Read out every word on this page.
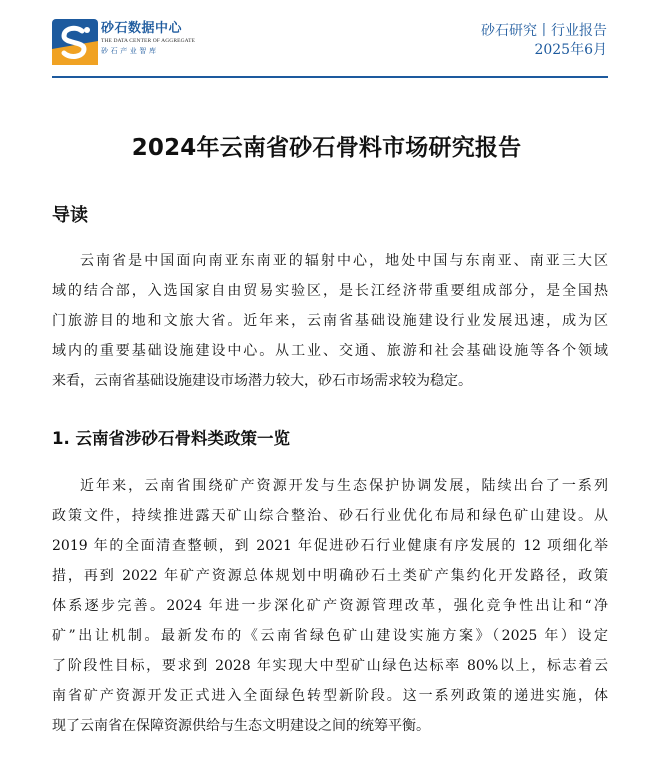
砂石数据中心
THE DATA CENTER OF AGGREGATE
砂石产业智库
砂石研究丨行业报告
2025年6月
2024年云南省砂石骨料市场研究报告
导读
云南省是中国面向南亚东南亚的辐射中心，地处中国与东南亚、南亚三大区
域的结合部，入选国家自由贸易实验区，是长江经济带重要组成部分，是全国热
门旅游目的地和文旅大省。近年来，云南省基础设施建设行业发展迅速，成为区
域内的重要基础设施建设中心。从工业、交通、旅游和社会基础设施等各个领域
来看，云南省基础设施建设市场潜力较大，砂石市场需求较为稳定。
1. 云南省涉砂石骨料类政策一览
近年来，云南省围绕矿产资源开发与生态保护协调发展，陆续出台了一系列
政策文件，持续推进露天矿山综合整治、砂石行业优化布局和绿色矿山建设。从
2019 年的全面清查整顿，到 2021 年促进砂石行业健康有序发展的 12 项细化举
措，再到 2022 年矿产资源总体规划中明确砂石土类矿产集约化开发路径，政策
体系逐步完善。2024 年进一步深化矿产资源管理改革，强化竞争性出让和“净
矿”出让机制。最新发布的《云南省绿色矿山建设实施方案》（2025 年）设定
了阶段性目标，要求到 2028 年实现大中型矿山绿色达标率 80%以上，标志着云
南省矿产资源开发正式进入全面绿色转型新阶段。这一系列政策的递进实施，体
现了云南省在保障资源供给与生态文明建设之间的统筹平衡。
